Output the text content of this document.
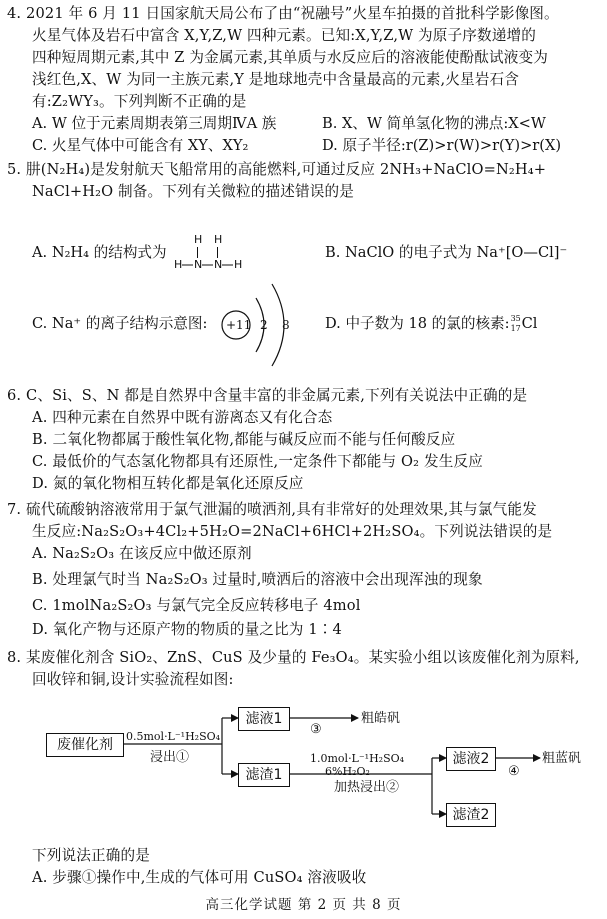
4. 2021 年 6 月 11 日国家航天局公布了由“祝融号”火星车拍摄的首批科学影像图。
火星气体及岩石中富含 X,Y,Z,W 四种元素。已知:X,Y,Z,W 为原子序数递增的
四种短周期元素,其中 Z 为金属元素,其单质与水反应后的溶液能使酚酞试液变为
浅红色,X、W 为同一主族元素,Y 是地球地壳中含量最高的元素,火星岩石含
有:Z₂WY₃。下列判断不正确的是
A. W 位于元素周期表第三周期ⅣA 族	B. X、W 简单氢化物的沸点:X<W
C. 火星气体中可能含有 XY、XY₂	D. 原子半径:r(Z)>r(W)>r(Y)>r(X)
5. 肼(N₂H₄)是发射航天飞船常用的高能燃料,可通过反应 2NH₃+NaClO=N₂H₄+
NaCl+H₂O 制备。下列有关微粒的描述错误的是
A. N₂H₄ 的结构式为
H H
H N N H
B. NaClO 的电子式为 Na⁺[O—Cl]⁻
C. Na⁺ 的离子结构示意图: +11 2 8 D. 中子数为 18 的氯的核素: 35
17 Cl
6. C、Si、S、N 都是自然界中含量丰富的非金属元素,下列有关说法中正确的是
A. 四种元素在自然界中既有游离态又有化合态
B. 二氧化物都属于酸性氧化物,都能与碱反应而不能与任何酸反应
C. 最低价的气态氢化物都具有还原性,一定条件下都能与 O₂ 发生反应
D. 氮的氧化物相互转化都是氧化还原反应
7. 硫代硫酸钠溶液常用于氯气泄漏的喷洒剂,具有非常好的处理效果,其与氯气能发
生反应:Na₂S₂O₃+4Cl₂+5H₂O=2NaCl+6HCl+2H₂SO₄。下列说法错误的是
A. Na₂S₂O₃ 在该反应中做还原剂
B. 处理氯气时当 Na₂S₂O₃ 过量时,喷洒后的溶液中会出现浑浊的现象
C. 1molNa₂S₂O₃ 与氯气完全反应转移电子 4mol
D. 氧化产物与还原产物的物质的量之比为 1∶4
8. 某废催化剂含 SiO₂、ZnS、CuS 及少量的 Fe₃O₄。某实验小组以该废催化剂为原料,
回收锌和铜,设计实验流程如图:
废催化剂
滤液1
滤渣1
滤液2
滤渣2
0.5mol·L⁻¹H₂SO₄
浸出①
③
粗皓矾
1.0mol·L⁻¹H₂SO₄
6%H₂O₂
加热浸出②
④
粗蓝矾
下列说法正确的是
A. 步骤①操作中,生成的气体可用 CuSO₄ 溶液吸收
高三化学试题 第 2 页 共 8 页
